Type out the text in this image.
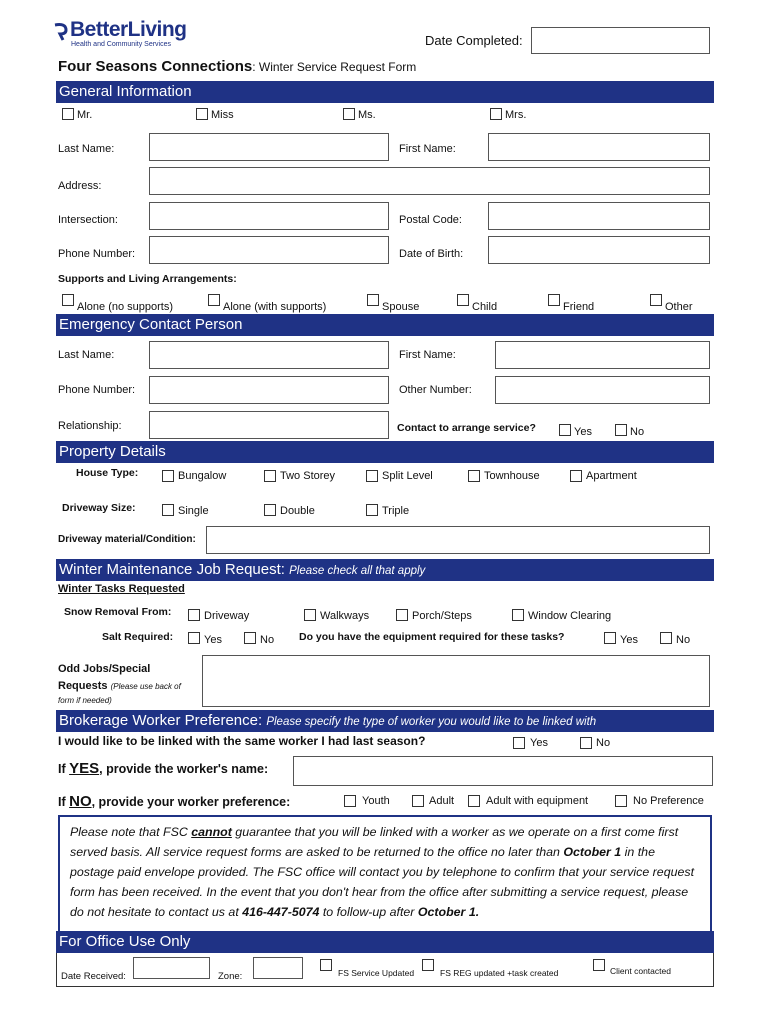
BetterLiving
Health and Community Services	Date Completed:
Four Seasons Connections: Winter Service Request Form
General Information
Mr.	Miss	Ms.	Mrs.
Last Name:	First Name:
Address:
Intersection:	Postal Code:
Phone Number:	Date of Birth:
Supports and Living Arrangements:
Alone (no supports)	Alone (with supports)	Spouse	Child	Friend	Other
Emergency Contact Person
Last Name:	First Name:
Phone Number:	Other Number:
Relationship:	Contact to arrange service?	Yes	No
Property Details
House Type:	Bungalow	Two Storey	Split Level	Townhouse	Apartment
Driveway Size:	Single	Double	Triple
Driveway material/Condition:
Winter Maintenance Job Request: Please check all that apply
Winter Tasks Requested
Snow Removal From:	Driveway	Walkways	Porch/Steps	Window Clearing
Salt Required:	Yes	No Do you have the equipment required for these tasks?	Yes	No
Odd Jobs/Special
Requests (Please use back of
form if needed)
Brokerage Worker Preference: Please specify the type of worker you would like to be linked with
I would like to be linked with the same worker I had last season?	Yes	No
If YES, provide the worker's name:
If NO, provide your worker preference:	Youth	Adult	Adult with equipment	No Preference
Please note that FSC cannot guarantee that you will be linked with a worker as we operate on a first come first served basis. All service request forms are asked to be returned to the office no later than October 1 in the postage paid envelope provided. The FSC office will contact you by telephone to confirm that your service request form has been received. In the event that you don't hear from the office after submitting a service request, please do not hesitate to contact us at 416-447-5074 to follow-up after October 1.
For Office Use Only
Date Received:	Zone:	FS Service Updated	FS REG updated +task created	Client contacted
